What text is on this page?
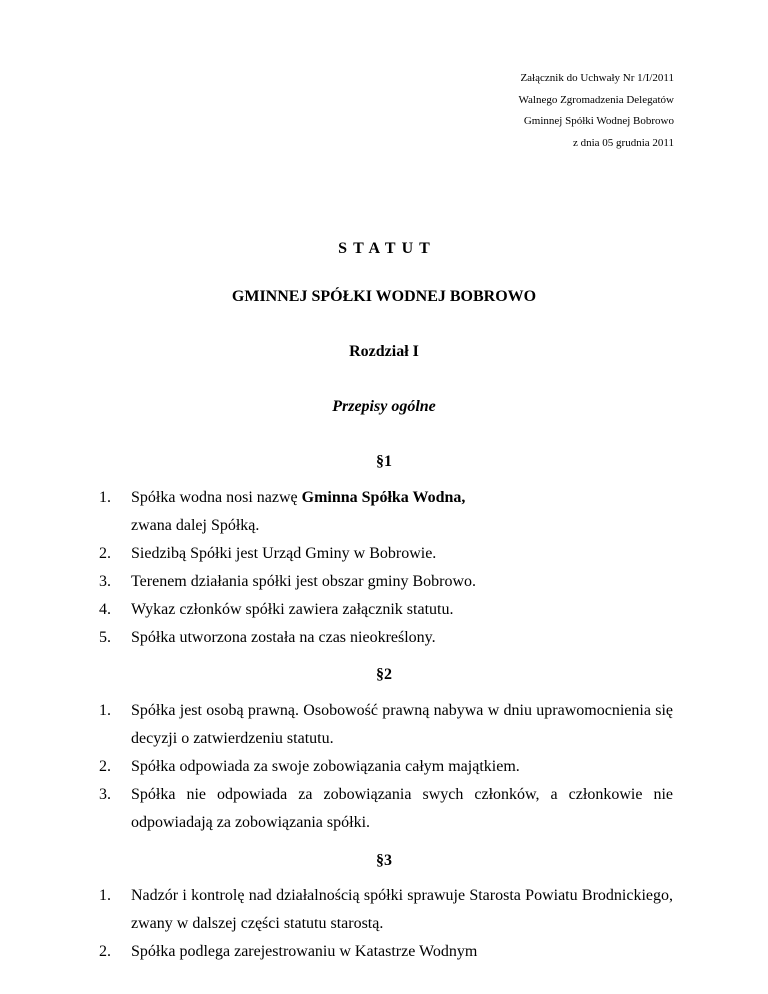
Załącznik do Uchwały Nr 1/I/2011
Walnego Zgromadzenia Delegatów
Gminnej Spółki Wodnej Bobrowo
z dnia 05 grudnia 2011
STATUT
GMINNEJ SPÓŁKI WODNEJ BOBROWO
Rozdział I
Przepisy ogólne
§1
1. Spółka wodna nosi nazwę Gminna Spółka Wodna,
zwana dalej Spółką.
2. Siedzibą Spółki jest Urząd Gminy w Bobrowie.
3. Terenem działania spółki jest obszar gminy Bobrowo.
4. Wykaz członków spółki zawiera załącznik statutu.
5. Spółka utworzona została na czas nieokreślony.
§2
1. Spółka jest osobą prawną. Osobowość prawną nabywa w dniu uprawomocnienia się
decyzji o zatwierdzeniu statutu.
2. Spółka odpowiada za swoje zobowiązania całym majątkiem.
3. Spółka nie odpowiada za zobowiązania swych członków, a członkowie nie
odpowiadają za zobowiązania spółki.
§3
1. Nadzór i kontrolę nad działalnością spółki sprawuje Starosta Powiatu Brodnickiego,
zwany w dalszej części statutu starostą.
2. Spółka podlega zarejestrowaniu w Katastrze Wodnym
